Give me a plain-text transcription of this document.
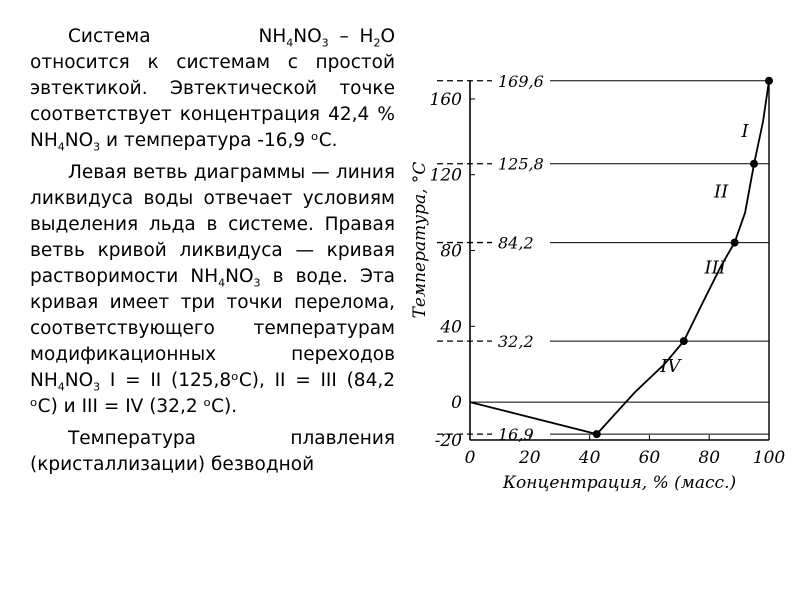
Система	$NH_4NO_3 - H_2O$ относится к системам с простой эвтектикой. Эвтектической точке соответствует концентрация 42,4 % $NH_4NO_3$ и температура -16,9 ᵒС.

Левая ветвь диаграммы — линия ликвидуса воды отвечает условиям выделения льда в системе. Правая ветвь кривой ликвидуса — кривая растворимости $NH_4NO_3$ в воде. Эта кривая имеет три точки перелома, соответствующего температурам модификационных переходов $NH_4NO_3$ I = II (125,8ᵒС), II = III (84,2 ᵒС) и III = IV (32,2 ᵒС).

Температура плавления (кристаллизации) безводной	0	20 40 60 80 100
-20
0
40
80
120
160
Концентрация, % (масс.)
Температура, °С
169,6
125,8
84,2
32,2
16,9
I
II
III
IV
